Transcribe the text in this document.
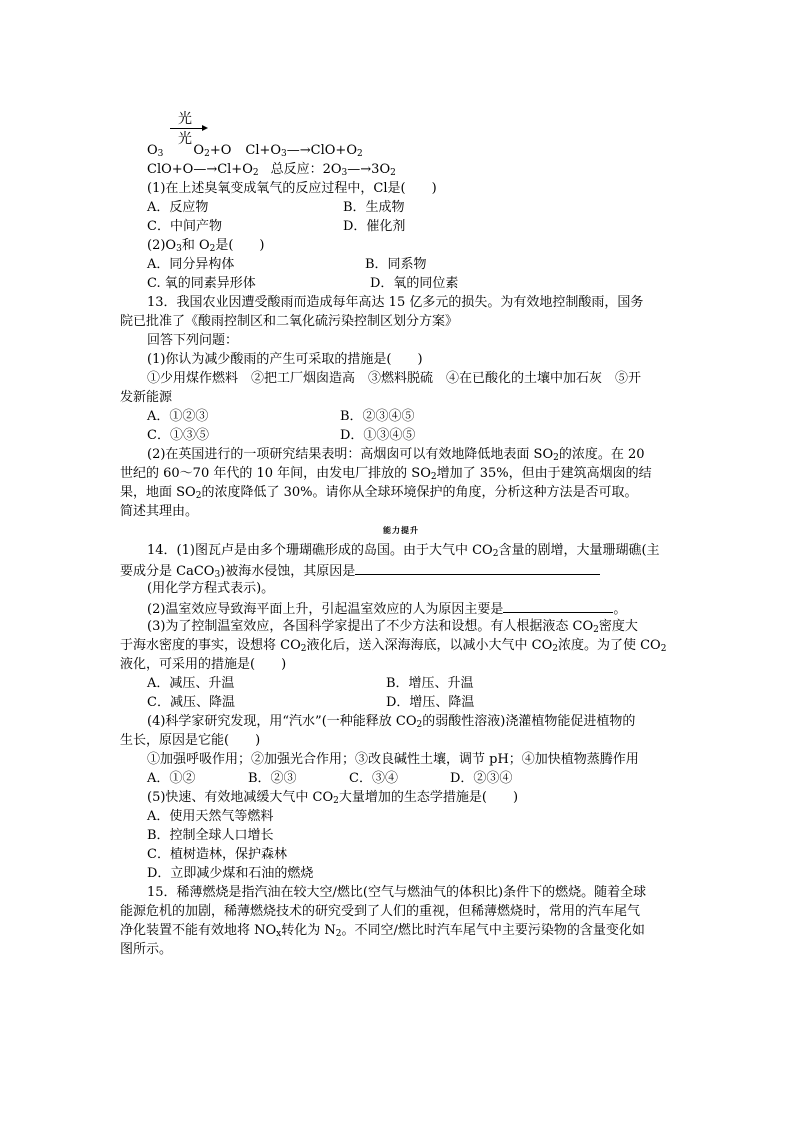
光
光
$O_3$ $O_2+O$ $Cl+O_3—\to ClO+O_2$
$ClO+O—\to Cl+O_2$ 总反应：$2O_3—\to 3O_2$
(1)在上述臭氧变成氧气的反应过程中，Cl是(　　)
A．反应物	B．生成物
C．中间产物	D．催化剂
$(2)O_3$和 $O_2$是(　　)
A．同分异构体	B．同系物
C. 氧的同素异形体	D．氧的同位素
13．我国农业因遭受酸雨而造成每年高达 15 亿多元的损失。为有效地控制酸雨，国务
院已批准了《酸雨控制区和二氧化硫污染控制区划分方案》
回答下列问题：
(1)你认为减少酸雨的产生可采取的措施是(　　)
①少用煤作燃料　②把工厂烟囱造高　③燃料脱硫　④在已酸化的土壤中加石灰　⑤开
发新能源
A．①②③	B．②③④⑤
C．①③⑤	D．①③④⑤
(2)在英国进行的一项研究结果表明：高烟囱可以有效地降低地表面 $SO_2$的浓度。在 20
世纪的 60～70 年代的 10 年间，由发电厂排放的 $SO_2$增加了 35%，但由于建筑高烟囱的结
果，地面 $SO_2$的浓度降低了 30%。请你从全球环境保护的角度，分析这种方法是否可取。
简述其理由。
能力提升
14．(1)图瓦卢是由多个珊瑚礁形成的岛国。由于大气中 $CO_2$含量的剧增，大量珊瑚礁(主
要成分是 CaCO$_3$)被海水侵蚀，其原因是
(用化学方程式表示)。
(2)温室效应导致海平面上升，引起温室效应的人为原因主要是	。
(3)为了控制温室效应，各国科学家提出了不少方法和设想。有人根据液态 $CO_2$密度大
于海水密度的事实，设想将 $CO_2$液化后，送入深海海底，以减小大气中 $CO_2$浓度。为了使 $CO_2$
液化，可采用的措施是(　　)
A．减压、升温	B．增压、升温
C．减压、降温	D．增压、降温
(4)科学家研究发现，用“汽水”(一种能释放 $CO_2$的弱酸性溶液)浇灌植物能促进植物的
生长，原因是它能(　　)
①加强呼吸作用；②加强光合作用；③改良碱性土壤，调节 pH；④加快植物蒸腾作用
A．①②	B．②③	C．③④	D．②③④
(5)快速、有效地减缓大气中 $CO_2$大量增加的生态学措施是(　　)
A．使用天然气等燃料
B．控制全球人口增长
C．植树造林，保护森林
D．立即减少煤和石油的燃烧
15．稀薄燃烧是指汽油在较大空/燃比(空气与燃油气的体积比)条件下的燃烧。随着全球
能源危机的加剧，稀薄燃烧技术的研究受到了人们的重视，但稀薄燃烧时，常用的汽车尾气
净化装置不能有效地将 $NO_x$转化为 $N_2$。不同空/燃比时汽车尾气中主要污染物的含量变化如
图所示。
